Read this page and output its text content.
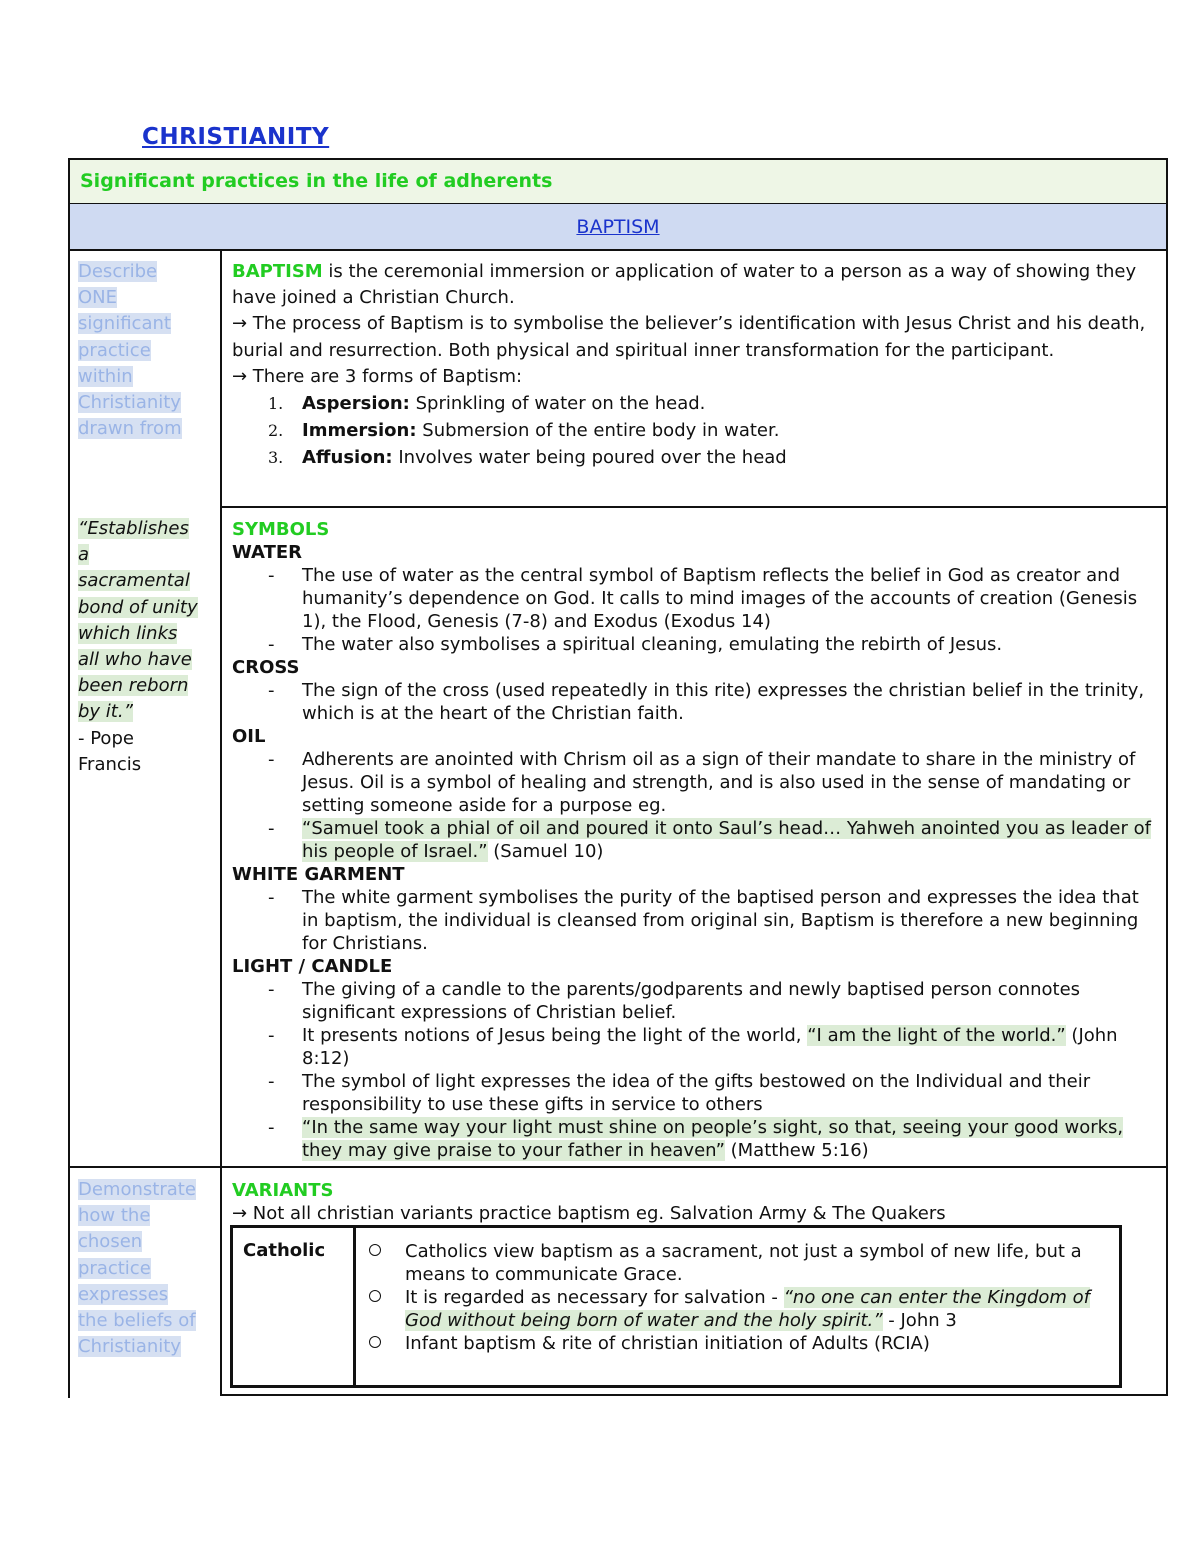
CHRISTIANITY
Significant practices in the life of adherents
BAPTISM
Describe
ONE
significant
practice
within
Christianity
drawn from
“Establishes
a
sacramental
bond of unity
which links
all who have
been reborn
by it.”
- Pope
Francis
Demonstrate
how the
chosen
practice
expresses
the beliefs of
Christianity
BAPTISM is the ceremonial immersion or application of water to a person as a way of showing they have joined a Christian Church.
→ The process of Baptism is to symbolise the believer’s identification with Jesus Christ and his death, burial and resurrection. Both physical and spiritual inner transformation for the participant.
→ There are 3 forms of Baptism:
1. Aspersion: Sprinkling of water on the head.
2. Immersion: Submersion of the entire body in water.
3. Affusion: Involves water being poured over the head
SYMBOLS
WATER
- The use of water as the central symbol of Baptism reflects the belief in God as creator and humanity’s dependence on God. It calls to mind images of the accounts of creation (Genesis 1), the Flood, Genesis (7-8) and Exodus (Exodus 14)
- The water also symbolises a spiritual cleaning, emulating the rebirth of Jesus.
CROSS
- The sign of the cross (used repeatedly in this rite) expresses the christian belief in the trinity, which is at the heart of the Christian faith.
OIL
- Adherents are anointed with Chrism oil as a sign of their mandate to share in the ministry of Jesus. Oil is a symbol of healing and strength, and is also used in the sense of mandating or setting someone aside for a purpose eg.
- “Samuel took a phial of oil and poured it onto Saul’s head… Yahweh anointed you as leader of his people of Israel.” (Samuel 10)
WHITE GARMENT
- The white garment symbolises the purity of the baptised person and expresses the idea that in baptism, the individual is cleansed from original sin, Baptism is therefore a new beginning for Christians.
LIGHT / CANDLE
- The giving of a candle to the parents/godparents and newly baptised person connotes significant expressions of Christian belief.
- It presents notions of Jesus being the light of the world, “I am the light of the world.” (John 8:12)
- The symbol of light expresses the idea of the gifts bestowed on the Individual and their responsibility to use these gifts in service to others
- “In the same way your light must shine on people’s sight, so that, seeing your good works, they may give praise to your father in heaven” (Matthew 5:16)
VARIANTS
→ Not all christian variants practice baptism eg. Salvation Army & The Quakers
Catholic	Catholics view baptism as a sacrament, not just a symbol of new life, but a means to communicate Grace.
It is regarded as necessary for salvation - “no one can enter the Kingdom of God without being born of water and the holy spirit.” - John 3
Infant baptism & rite of christian initiation of Adults (RCIA)
